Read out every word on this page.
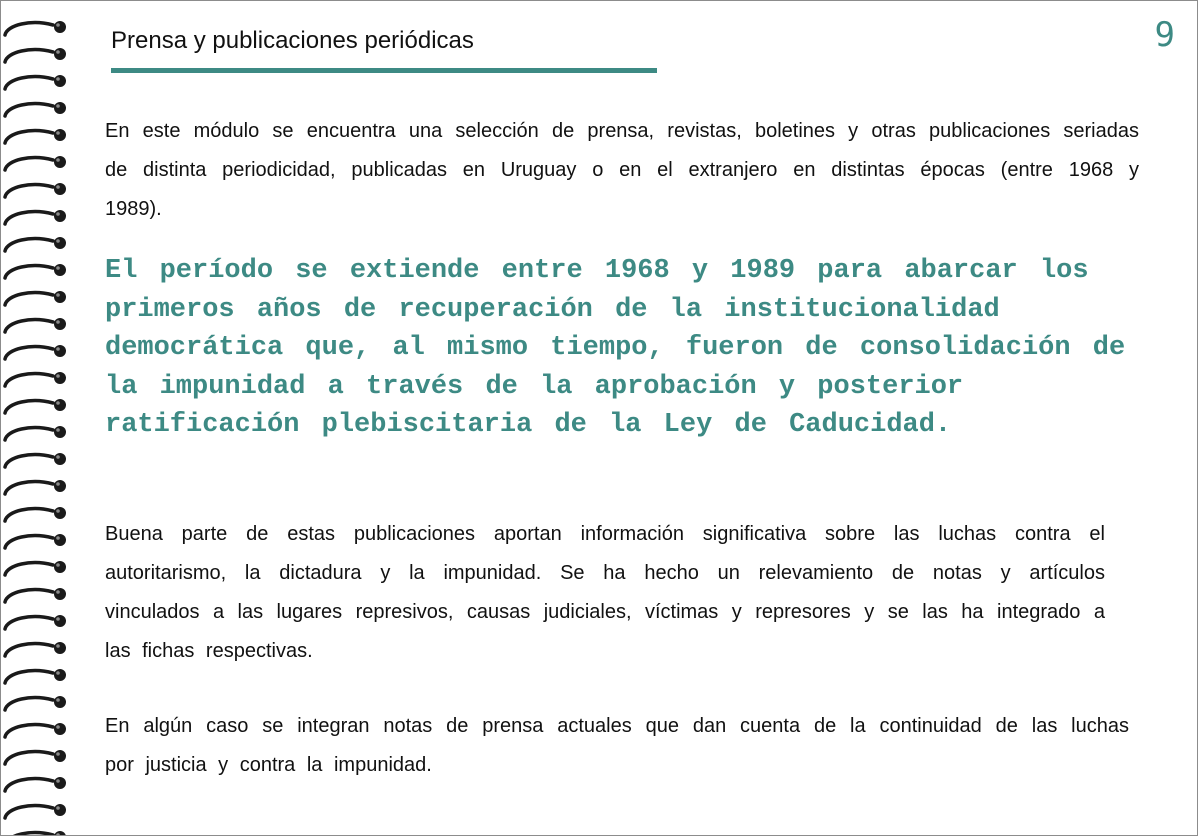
Prensa y publicaciones periódicas	9

En este módulo se encuentra una selección de prensa, revistas, boletines y otras publicaciones seriadas de distinta periodicidad, publicadas en Uruguay o en el extranjero en distintas épocas (entre 1968 y 1989).

El período se extiende entre 1968 y 1989 para abarcar los primeros años de recuperación de la institucionalidad democrática que, al mismo tiempo, fueron de consolidación de la impunidad a través de la aprobación y posterior ratificación plebiscitaria de la Ley de Caducidad.

Buena parte de estas publicaciones aportan información significativa sobre las luchas contra el autoritarismo, la dictadura y la impunidad. Se ha hecho un relevamiento de notas y artículos vinculados a las lugares represivos, causas judiciales, víctimas y represores y se las ha integrado a las fichas respectivas.

En algún caso se integran notas de prensa actuales que dan cuenta de la continuidad de las luchas por justicia y contra la impunidad.
